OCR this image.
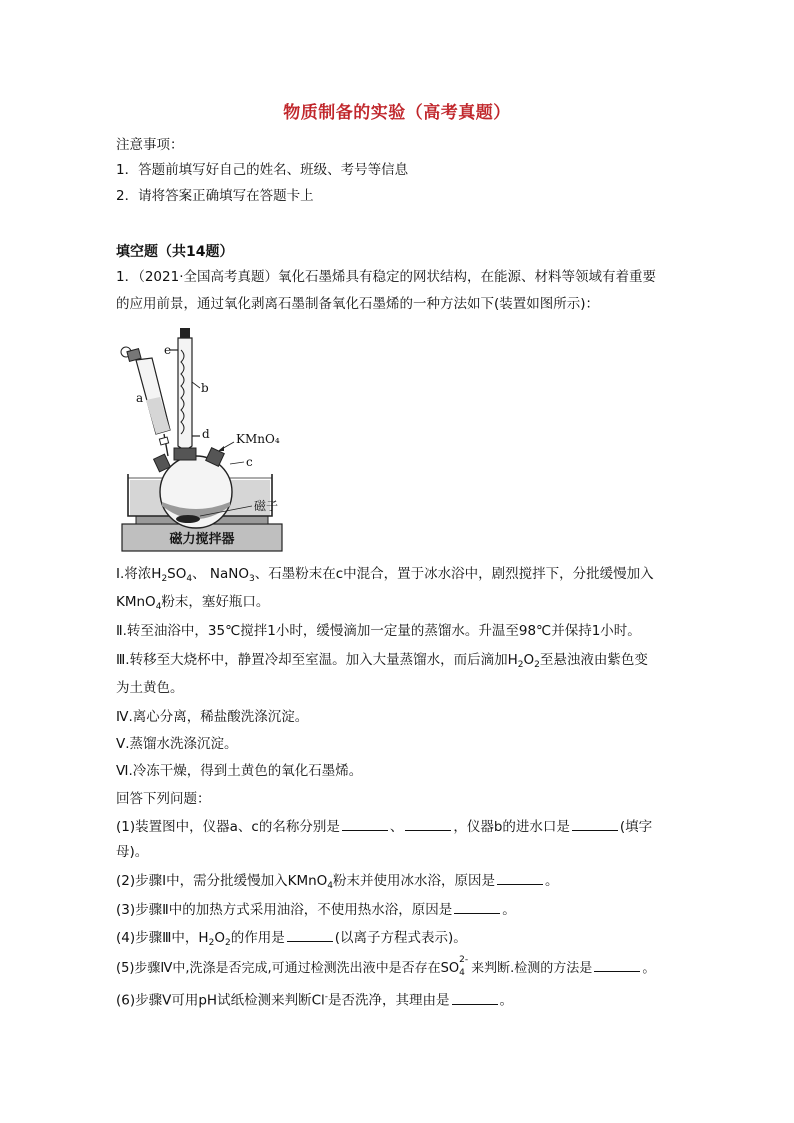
物质制备的实验（高考真题）
注意事项：
1．答题前填写好自己的姓名、班级、考号等信息
2．请将答案正确填写在答题卡上
填空题（共14题）
1．（2021·全国高考真题）氧化石墨烯具有稳定的网状结构，在能源、材料等领域有着重要
的应用前景，通过氧化剥离石墨制备氧化石墨烯的一种方法如下(装置如图所示)：
磁力搅拌器
a
e
b
d KMnO₄
c
磁子
Ⅰ.将浓$H_2SO_4$、 NaNO$_3$、石墨粉末在c中混合，置于冰水浴中，剧烈搅拌下，分批缓慢加入
KMnO$_4$粉末，塞好瓶口。
Ⅱ.转至油浴中，35℃搅拌1小时，缓慢滴加一定量的蒸馏水。升温至98℃并保持1小时。
Ⅲ.转移至大烧杯中，静置冷却至室温。加入大量蒸馏水，而后滴加$H_2O_2$至悬浊液由紫色变
为土黄色。
Ⅳ.离心分离，稀盐酸洗涤沉淀。
Ⅴ.蒸馏水洗涤沉淀。
Ⅵ.冷冻干燥，得到土黄色的氧化石墨烯。
回答下列问题：
(1)装置图中，仪器a、c的名称分别是	、	，仪器b的进水口是	(填字
母)。
(2)步骤Ⅰ中，需分批缓慢加入KMnO$_4$粉末并使用冰水浴，原因是	。
(3)步骤Ⅱ中的加热方式采用油浴，不使用热水浴，原因是	。
(4)步骤Ⅲ中，$H_2O_2$的作用是	(以离子方程式表示)。
(5)步骤Ⅳ中,洗涤是否完成,可通过检测洗出液中是否存在SO
2-
4 来判断.检测的方法是	。
(6)步骤Ⅴ可用pH试纸检测来判断Cl-是否洗净，其理由是	。
